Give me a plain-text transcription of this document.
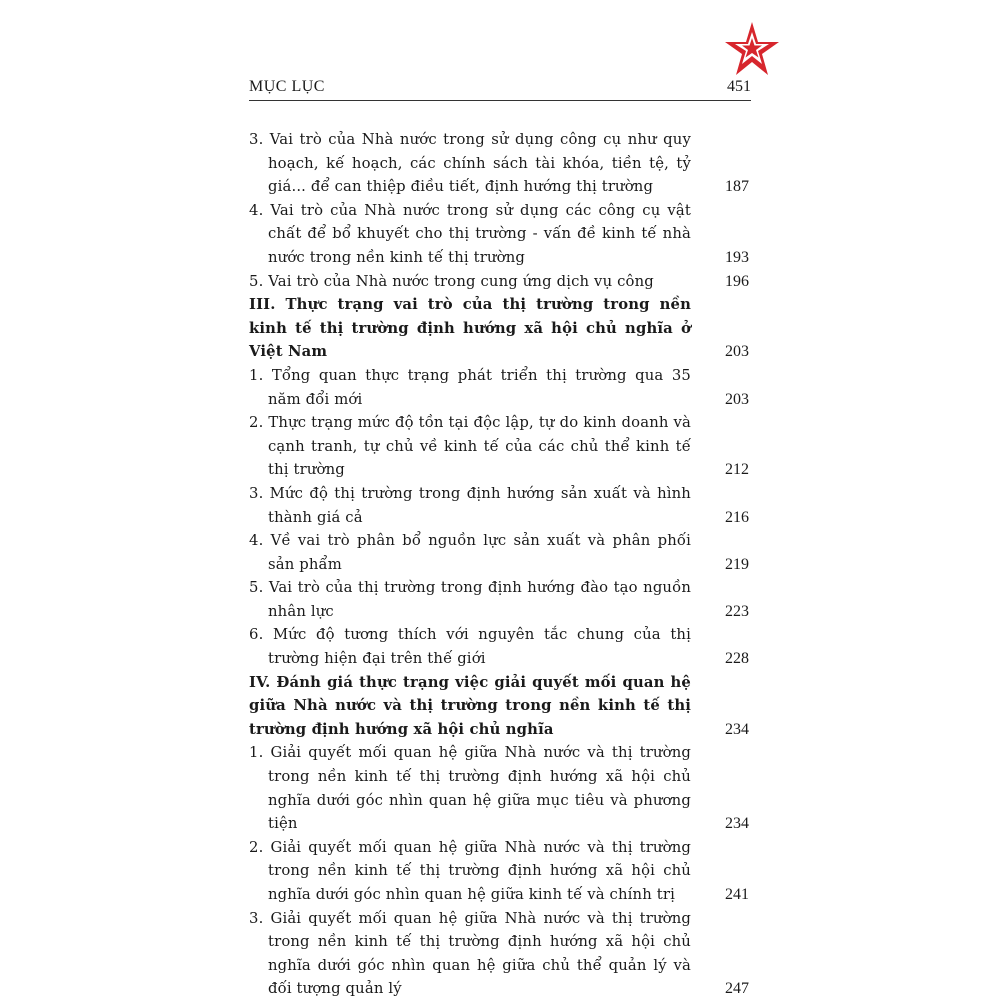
MỤC LỤC	451
3. Vai trò của Nhà nước trong sử dụng công cụ như quy hoạch, kế hoạch, các chính sách tài khóa, tiền tệ, tỷ giá... để can thiệp điều tiết, định hướng thị trường	187
4. Vai trò của Nhà nước trong sử dụng các công cụ vật chất để bổ khuyết cho thị trường - vấn đề kinh tế nhà nước trong nền kinh tế thị trường	193
5. Vai trò của Nhà nước trong cung ứng dịch vụ công	196
III. Thực trạng vai trò của thị trường trong nền kinh tế thị trường định hướng xã hội chủ nghĩa ở Việt Nam	203
1. Tổng quan thực trạng phát triển thị trường qua 35 năm đổi mới	203
2. Thực trạng mức độ tồn tại độc lập, tự do kinh doanh và cạnh tranh, tự chủ về kinh tế của các chủ thể kinh tế thị trường	212
3. Mức độ thị trường trong định hướng sản xuất và hình thành giá cả	216
4. Về vai trò phân bổ nguồn lực sản xuất và phân phối sản phẩm	219
5. Vai trò của thị trường trong định hướng đào tạo nguồn nhân lực	223
6. Mức độ tương thích với nguyên tắc chung của thị trường hiện đại trên thế giới	228
IV. Đánh giá thực trạng việc giải quyết mối quan hệ giữa Nhà nước và thị trường trong nền kinh tế thị trường định hướng xã hội chủ nghĩa	234
1. Giải quyết mối quan hệ giữa Nhà nước và thị trường trong nền kinh tế thị trường định hướng xã hội chủ nghĩa dưới góc nhìn quan hệ giữa mục tiêu và phương tiện	234
2. Giải quyết mối quan hệ giữa Nhà nước và thị trường trong nền kinh tế thị trường định hướng xã hội chủ nghĩa dưới góc nhìn quan hệ giữa kinh tế và chính trị	241
3. Giải quyết mối quan hệ giữa Nhà nước và thị trường trong nền kinh tế thị trường định hướng xã hội chủ nghĩa dưới góc nhìn quan hệ giữa chủ thể quản lý và đối tượng quản lý	247
